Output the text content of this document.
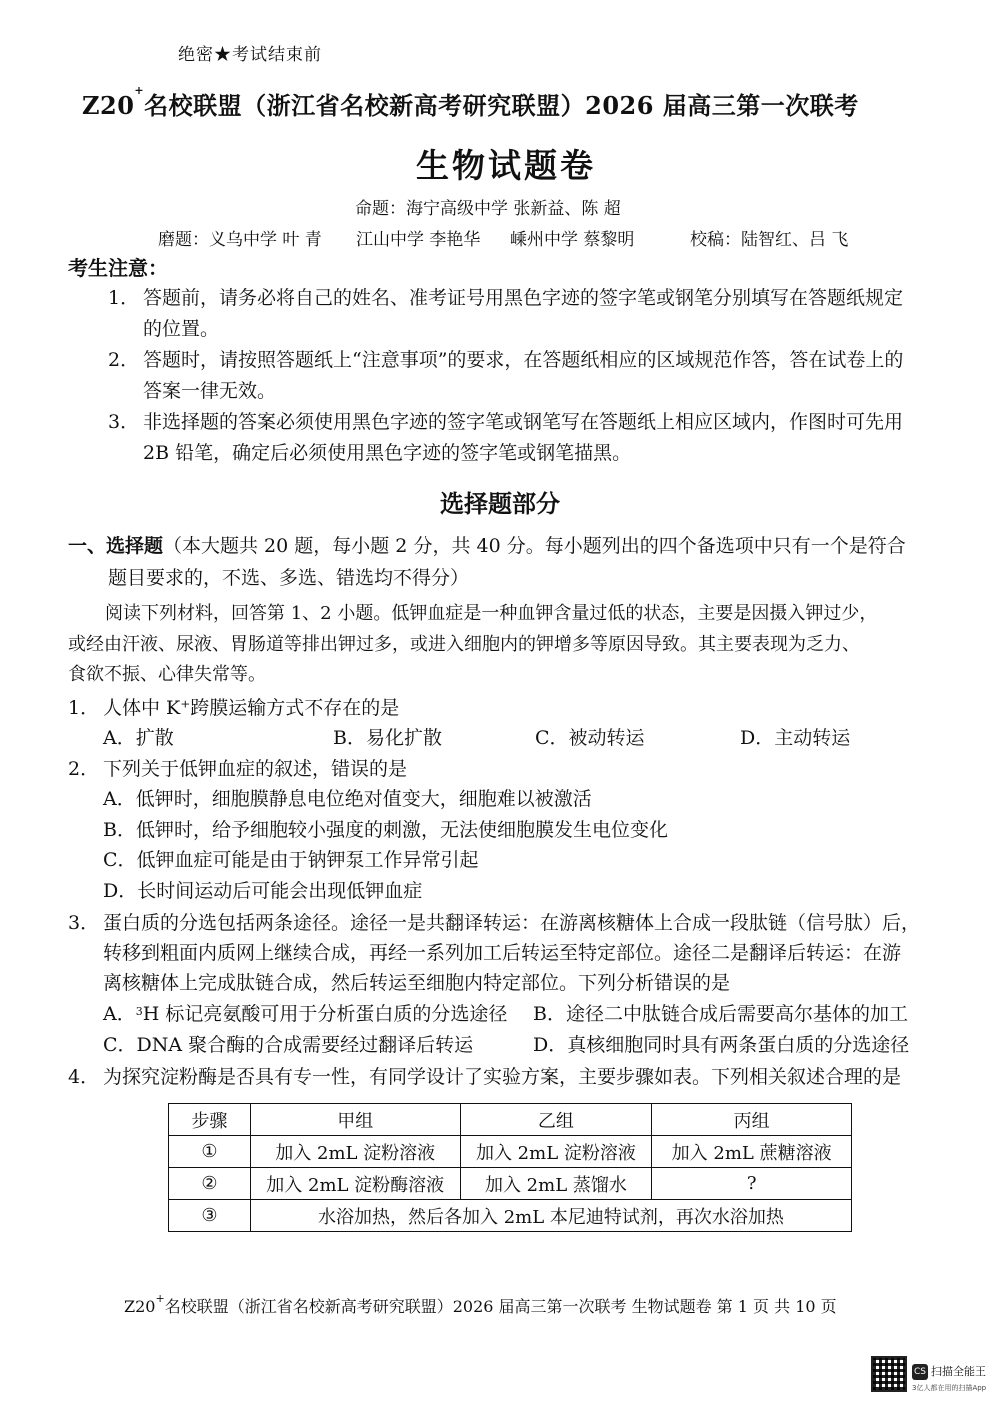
绝密★考试结束前
Z20+名校联盟（浙江省名校新高考研究联盟）2026 届高三第一次联考
生物试题卷
命题：海宁高级中学 张新益、陈 超
磨题：义乌中学 叶 青 江山中学 李艳华 嵊州中学 蔡黎明	校稿：陆智红、吕 飞
考生注意：
1． 答题前，请务必将自己的姓名、准考证号用黑色字迹的签字笔或钢笔分别填写在答题纸规定
的位置。
2． 答题时，请按照答题纸上“注意事项”的要求，在答题纸相应的区域规范作答，答在试卷上的
答案一律无效。
3． 非选择题的答案必须使用黑色字迹的签字笔或钢笔写在答题纸上相应区域内，作图时可先用
2B 铅笔，确定后必须使用黑色字迹的签字笔或钢笔描黑。
选择题部分
一、选择题（本大题共 20 题，每小题 2 分，共 40 分。每小题列出的四个备选项中只有一个是符合
题目要求的，不选、多选、错选均不得分）
阅读下列材料，回答第 1、2 小题。低钾血症是一种血钾含量过低的状态，主要是因摄入钾过少，
或经由汗液、尿液、胃肠道等排出钾过多，或进入细胞内的钾增多等原因导致。其主要表现为乏力、
食欲不振、心律失常等。
1． 人体中 K⁺跨膜运输方式不存在的是
A．扩散	B．易化扩散	C．被动转运	D．主动转运
2． 下列关于低钾血症的叙述，错误的是
A．低钾时，细胞膜静息电位绝对值变大，细胞难以被激活
B．低钾时，给予细胞较小强度的刺激，无法使细胞膜发生电位变化
C．低钾血症可能是由于钠钾泵工作异常引起
D．长时间运动后可能会出现低钾血症
3． 蛋白质的分选包括两条途径。途径一是共翻译转运：在游离核糖体上合成一段肽链（信号肽）后，
转移到粗面内质网上继续合成，再经一系列加工后转运至特定部位。途径二是翻译后转运：在游
离核糖体上完成肽链合成，然后转运至细胞内特定部位。下列分析错误的是
A．$^3$H 标记亮氨酸可用于分析蛋白质的分选途径 B．途径二中肽链合成后需要高尔基体的加工
C．DNA 聚合酶的合成需要经过翻译后转运	D．真核细胞同时具有两条蛋白质的分选途径
4． 为探究淀粉酶是否具有专一性，有同学设计了实验方案，主要步骤如表。下列相关叙述合理的是
步骤	甲组	乙组	丙组
①	加入 2mL 淀粉溶液	加入 2mL 淀粉溶液	加入 2mL 蔗糖溶液
②	加入 2mL 淀粉酶溶液	加入 2mL 蒸馏水	?
③	水浴加热，然后各加入 2mL 本尼迪特试剂，再次水浴加热		
Z20+名校联盟（浙江省名校新高考研究联盟）2026 届高三第一次联考 生物试题卷 第 1 页 共 10 页
CS 扫描全能王
3亿人都在用的扫描App
